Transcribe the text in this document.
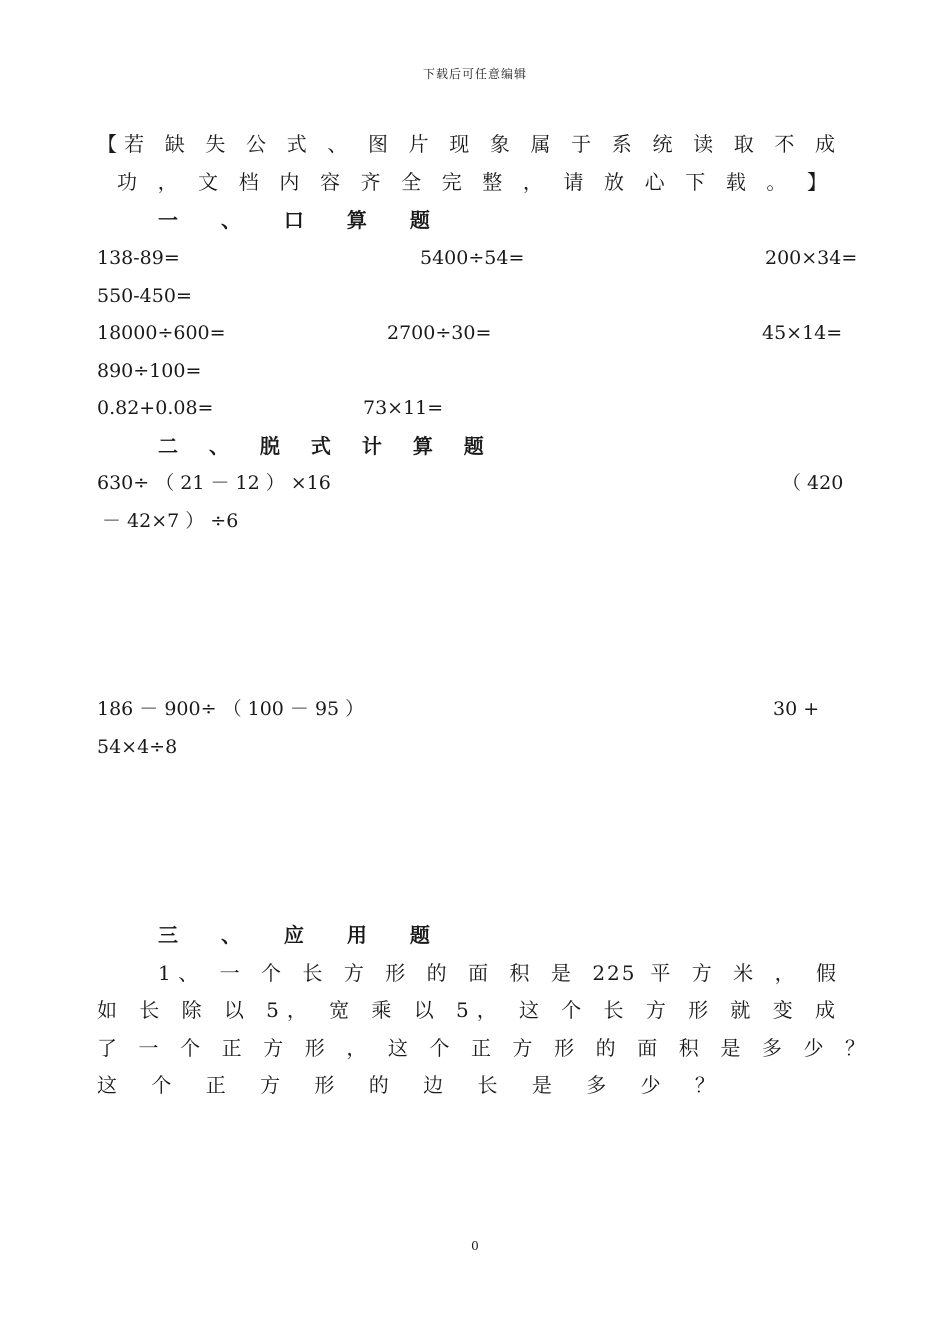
下载后可任意编辑
【若 缺 失 公 式 、 图 片 现 象 属 于 系 统 读 取 不 成
功 ， 文 档 内 容 齐 全 完 整 ， 请 放 心 下 载 。 】
一 、 口 算 题
138-89=	5400÷54=	200×34=
550-450=
18000÷600=	2700÷30=	45×14=
890÷100=
0.82+0.08=	73×11=
二 、 脱 式 计 算 题
630÷ （ 21 － 12 ） ×16	（ 420
－ 42×7 ） ÷6
186 － 900÷ （ 100 － 95 ）	30 +
54×4÷8
三 、 应 用 题
1、 一 个 长 方 形 的 面 积 是 225 平 方 米 ， 假
如 长 除 以 5， 宽 乘 以 5， 这 个 长 方 形 就 变 成
了 一 个 正 方 形 ， 这 个 正 方 形 的 面 积 是 多 少 ？
这 个 正 方 形 的 边 长 是 多 少 ？
0
